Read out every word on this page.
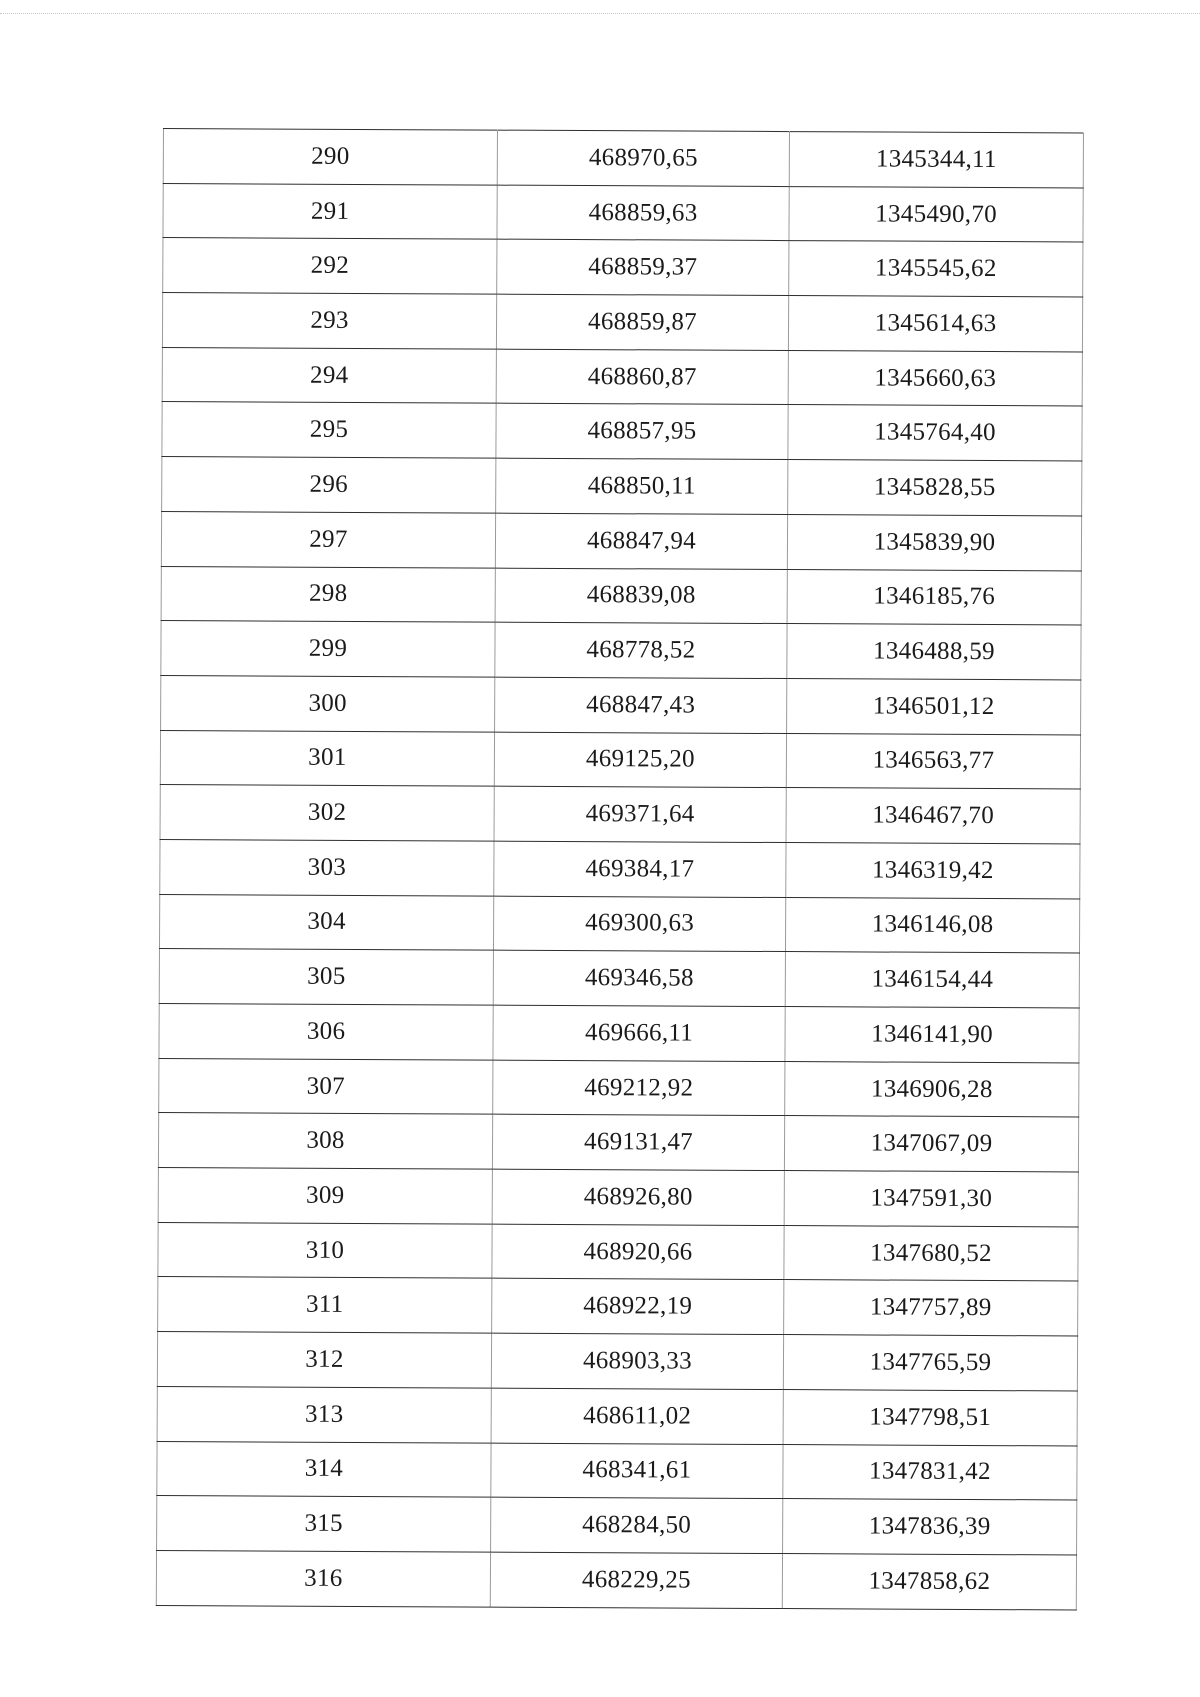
290	468970,65	1345344,11
291	468859,63	1345490,70
292	468859,37	1345545,62
293	468859,87	1345614,63
294	468860,87	1345660,63
295	468857,95	1345764,40
296	468850,11	1345828,55
297	468847,94	1345839,90
298	468839,08	1346185,76
299	468778,52	1346488,59
300	468847,43	1346501,12
301	469125,20	1346563,77
302	469371,64	1346467,70
303	469384,17	1346319,42
304	469300,63	1346146,08
305	469346,58	1346154,44
306	469666,11	1346141,90
307	469212,92	1346906,28
308	469131,47	1347067,09
309	468926,80	1347591,30
310	468920,66	1347680,52
311	468922,19	1347757,89
312	468903,33	1347765,59
313	468611,02	1347798,51
314	468341,61	1347831,42
315	468284,50	1347836,39
316	468229,25	1347858,62
